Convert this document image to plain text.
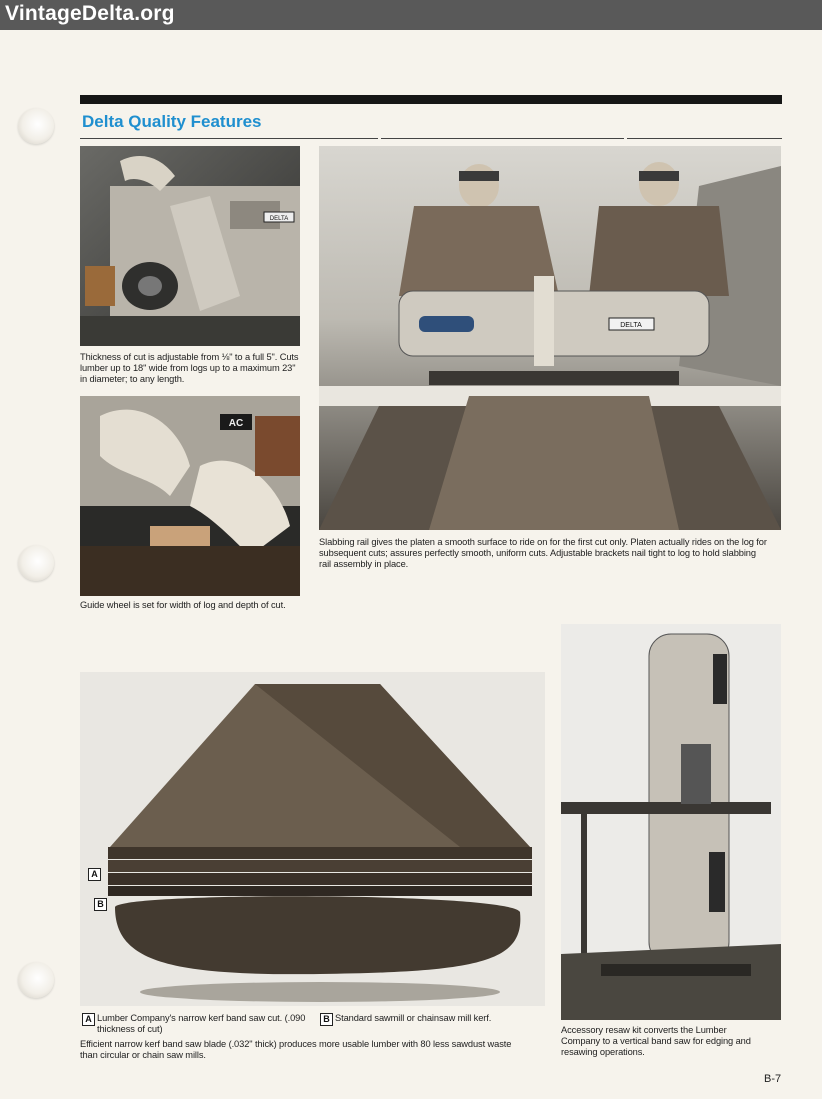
VintageDelta.org
Delta Quality Features
DELTA
Thickness of cut is adjustable from ⅛" to a full 5". Cuts lumber up to 18" wide from logs up to a maximum 23" in diameter; to any length.
AC
Guide wheel is set for width of log and depth of cut.
DELTA
Slabbing rail gives the platen a smooth surface to ride on for the first cut only. Platen actually rides on the log for subsequent cuts; assures perfectly smooth, uniform cuts. Adjustable brackets nail tight to log to hold slabbing rail assembly in place.
A
B
A Lumber Company's narrow kerf band saw cut. (.090 thickness of cut)
B Standard sawmill or chainsaw mill kerf.
Efficient narrow kerf band saw blade (.032" thick) produces more usable lumber with 80 less sawdust waste than circular or chain saw mills.
Accessory resaw kit converts the Lumber Company to a vertical band saw for edging and resawing operations.
B-7
